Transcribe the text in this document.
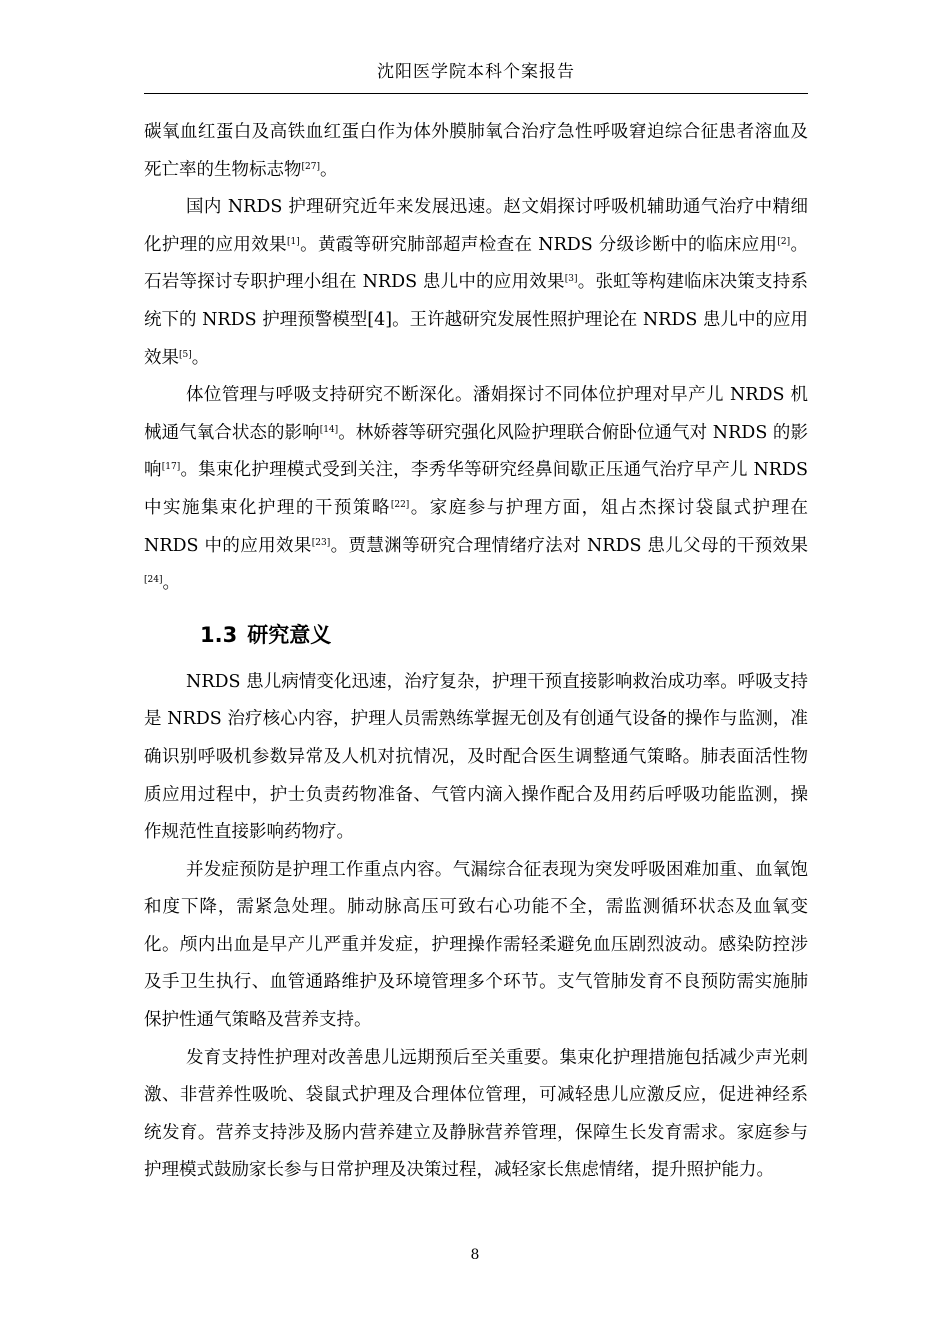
沈阳医学院本科个案报告

碳氧血红蛋白及高铁血红蛋白作为体外膜肺氧合治疗急性呼吸窘迫综合征患者溶血及死亡率的生物标志物[27]。

国内 NRDS 护理研究近年来发展迅速。赵文娟探讨呼吸机辅助通气治疗中精细化护理的应用效果[1]。黄霞等研究肺部超声检查在 NRDS 分级诊断中的临床应用[2]。石岩等探讨专职护理小组在 NRDS 患儿中的应用效果[3]。张虹等构建临床决策支持系统下的 NRDS 护理预警模型[4]。王许越研究发展性照护理论在 NRDS 患儿中的应用效果[5]。

体位管理与呼吸支持研究不断深化。潘娟探讨不同体位护理对早产儿 NRDS 机械通气氧合状态的影响[14]。林娇蓉等研究强化风险护理联合俯卧位通气对 NRDS 的影响[17]。集束化护理模式受到关注，李秀华等研究经鼻间歇正压通气治疗早产儿 NRDS 中实施集束化护理的干预策略[22]。家庭参与护理方面，俎占杰探讨袋鼠式护理在 NRDS 中的应用效果[23]。贾慧渊等研究合理情绪疗法对 NRDS 患儿父母的干预效果[24]。

1.3 研究意义

NRDS 患儿病情变化迅速，治疗复杂，护理干预直接影响救治成功率。呼吸支持是 NRDS 治疗核心内容，护理人员需熟练掌握无创及有创通气设备的操作与监测，准确识别呼吸机参数异常及人机对抗情况，及时配合医生调整通气策略。肺表面活性物质应用过程中，护士负责药物准备、气管内滴入操作配合及用药后呼吸功能监测，操作规范性直接影响药物疗。

并发症预防是护理工作重点内容。气漏综合征表现为突发呼吸困难加重、血氧饱和度下降，需紧急处理。肺动脉高压可致右心功能不全，需监测循环状态及血氧变化。颅内出血是早产儿严重并发症，护理操作需轻柔避免血压剧烈波动。感染防控涉及手卫生执行、血管通路维护及环境管理多个环节。支气管肺发育不良预防需实施肺保护性通气策略及营养支持。

发育支持性护理对改善患儿远期预后至关重要。集束化护理措施包括减少声光刺激、非营养性吸吮、袋鼠式护理及合理体位管理，可减轻患儿应激反应，促进神经系统发育。营养支持涉及肠内营养建立及静脉营养管理，保障生长发育需求。家庭参与护理模式鼓励家长参与日常护理及决策过程，减轻家长焦虑情绪，提升照护能力。

8
